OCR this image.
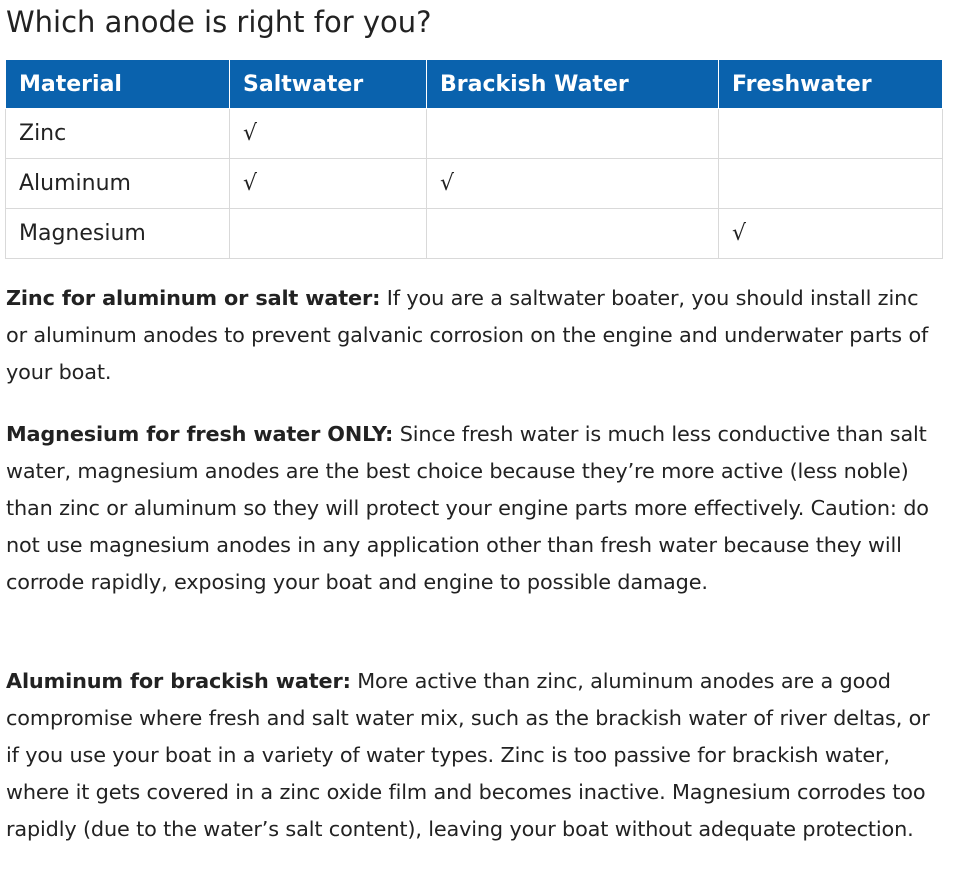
Which anode is right for you?
Material	Saltwater	Brackish Water	Freshwater
Zinc	√		
Aluminum	√	√	
Magnesium			√

Zinc for aluminum or salt water: If you are a saltwater boater, you should install zinc or aluminum anodes to prevent galvanic corrosion on the engine and underwater parts of your boat.

Magnesium for fresh water ONLY: Since fresh water is much less conductive than salt water, magnesium anodes are the best choice because they’re more active (less noble) than zinc or aluminum so they will protect your engine parts more effectively. Caution: do not use magnesium anodes in any application other than fresh water because they will corrode rapidly, exposing your boat and engine to possible damage.

Aluminum for brackish water: More active than zinc, aluminum anodes are a good compromise where fresh and salt water mix, such as the brackish water of river deltas, or if you use your boat in a variety of water types. Zinc is too passive for brackish water, where it gets covered in a zinc oxide film and becomes inactive. Magnesium corrodes too rapidly (due to the water’s salt content), leaving your boat without adequate protection.
